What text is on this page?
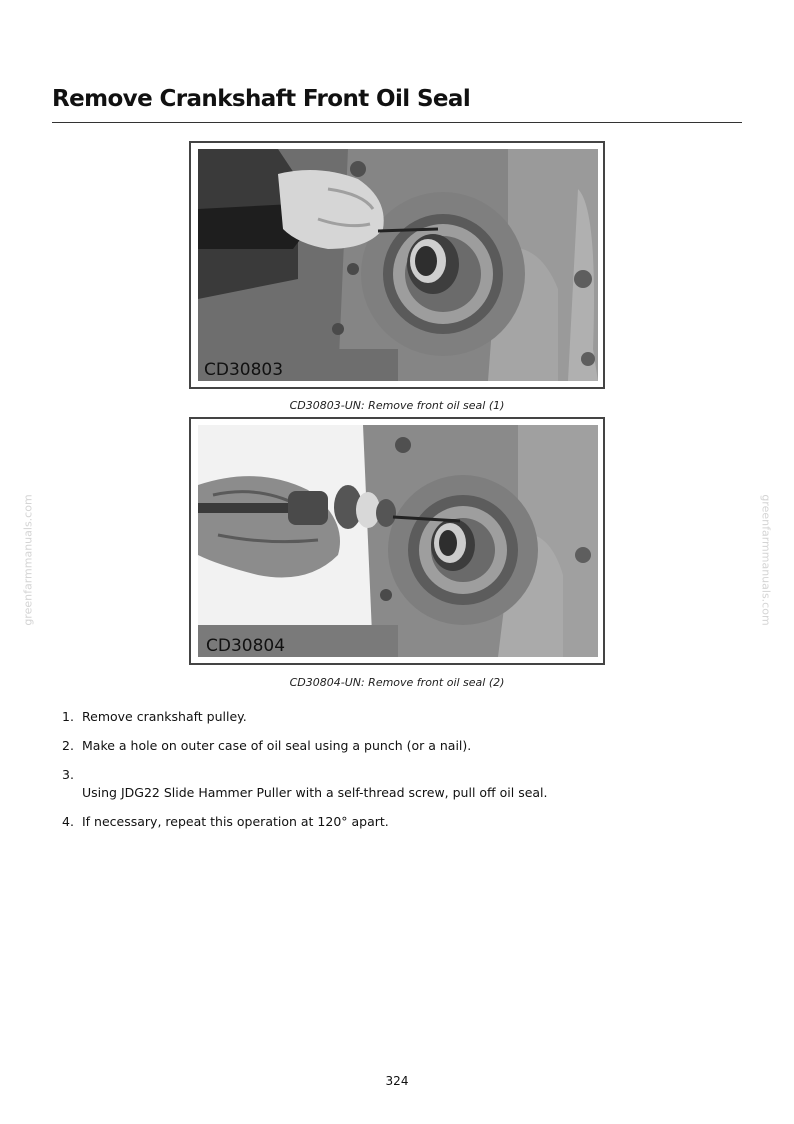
greenfarmmanuals.com	greenfarmmanuals.com
Remove Crankshaft Front Oil Seal
CD30803
CD30803-UN: Remove front oil seal (1)
CD30804
CD30804-UN: Remove front oil seal (2)
1. Remove crankshaft pulley.
2. Make a hole on outer case of oil seal using a punch (or a nail).
3.
Using JDG22 Slide Hammer Puller with a self-thread screw, pull off oil seal.
4. If necessary, repeat this operation at 120° apart.
324
